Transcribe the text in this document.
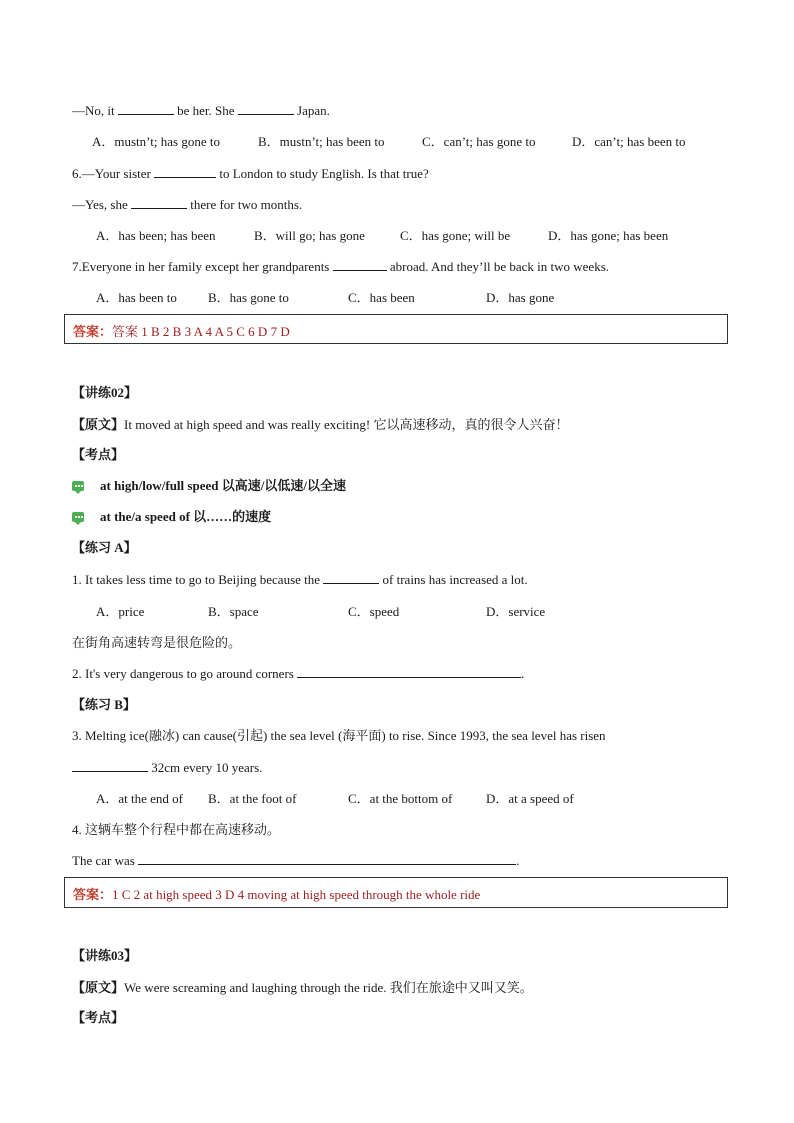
—No, it	be her. She	Japan.
A．mustn’t; has gone to	B．mustn’t; has been to	C．can’t; has gone to	D．can’t; has been to
6.—Your sister	to London to study English. Is that true?
—Yes, she	there for two months.
A．has been; has been	B．will go; has gone	C．has gone; will be	D．has gone; has been
7.Everyone in her family except her grandparents	abroad. And they’ll be back in two weeks.
A．has been to B．has gone to	C．has been	D．has gone
答案：答案 1 B 2 B 3 A 4 A 5 C 6 D 7 D
【讲练02】
【原文】It moved at high speed and was really exciting! 它以高速移动，真的很令人兴奋！
【考点】
at high/low/full speed 以高速/以低速/以全速
at the/a speed of 以……的速度
【练习 A】
1. It takes less time to go to Beijing because the	of trains has increased a lot.
A．price	B．space	C．speed	D．service
在街角高速转弯是很危险的。
2. It's very dangerous to go around corners	.
【练习 B】
3. Melting ice(融冰) can cause(引起) the sea level (海平面) to rise. Since 1993, the sea level has risen
32cm every 10 years.
A．at the end of B．at the foot of	C．at the bottom of	D．at a speed of
4. 这辆车整个行程中都在高速移动。
The car was	.
答案：1 C 2 at high speed 3 D 4 moving at high speed through the whole ride
【讲练03】
【原文】We were screaming and laughing through the ride. 我们在旅途中又叫又笑。
【考点】
